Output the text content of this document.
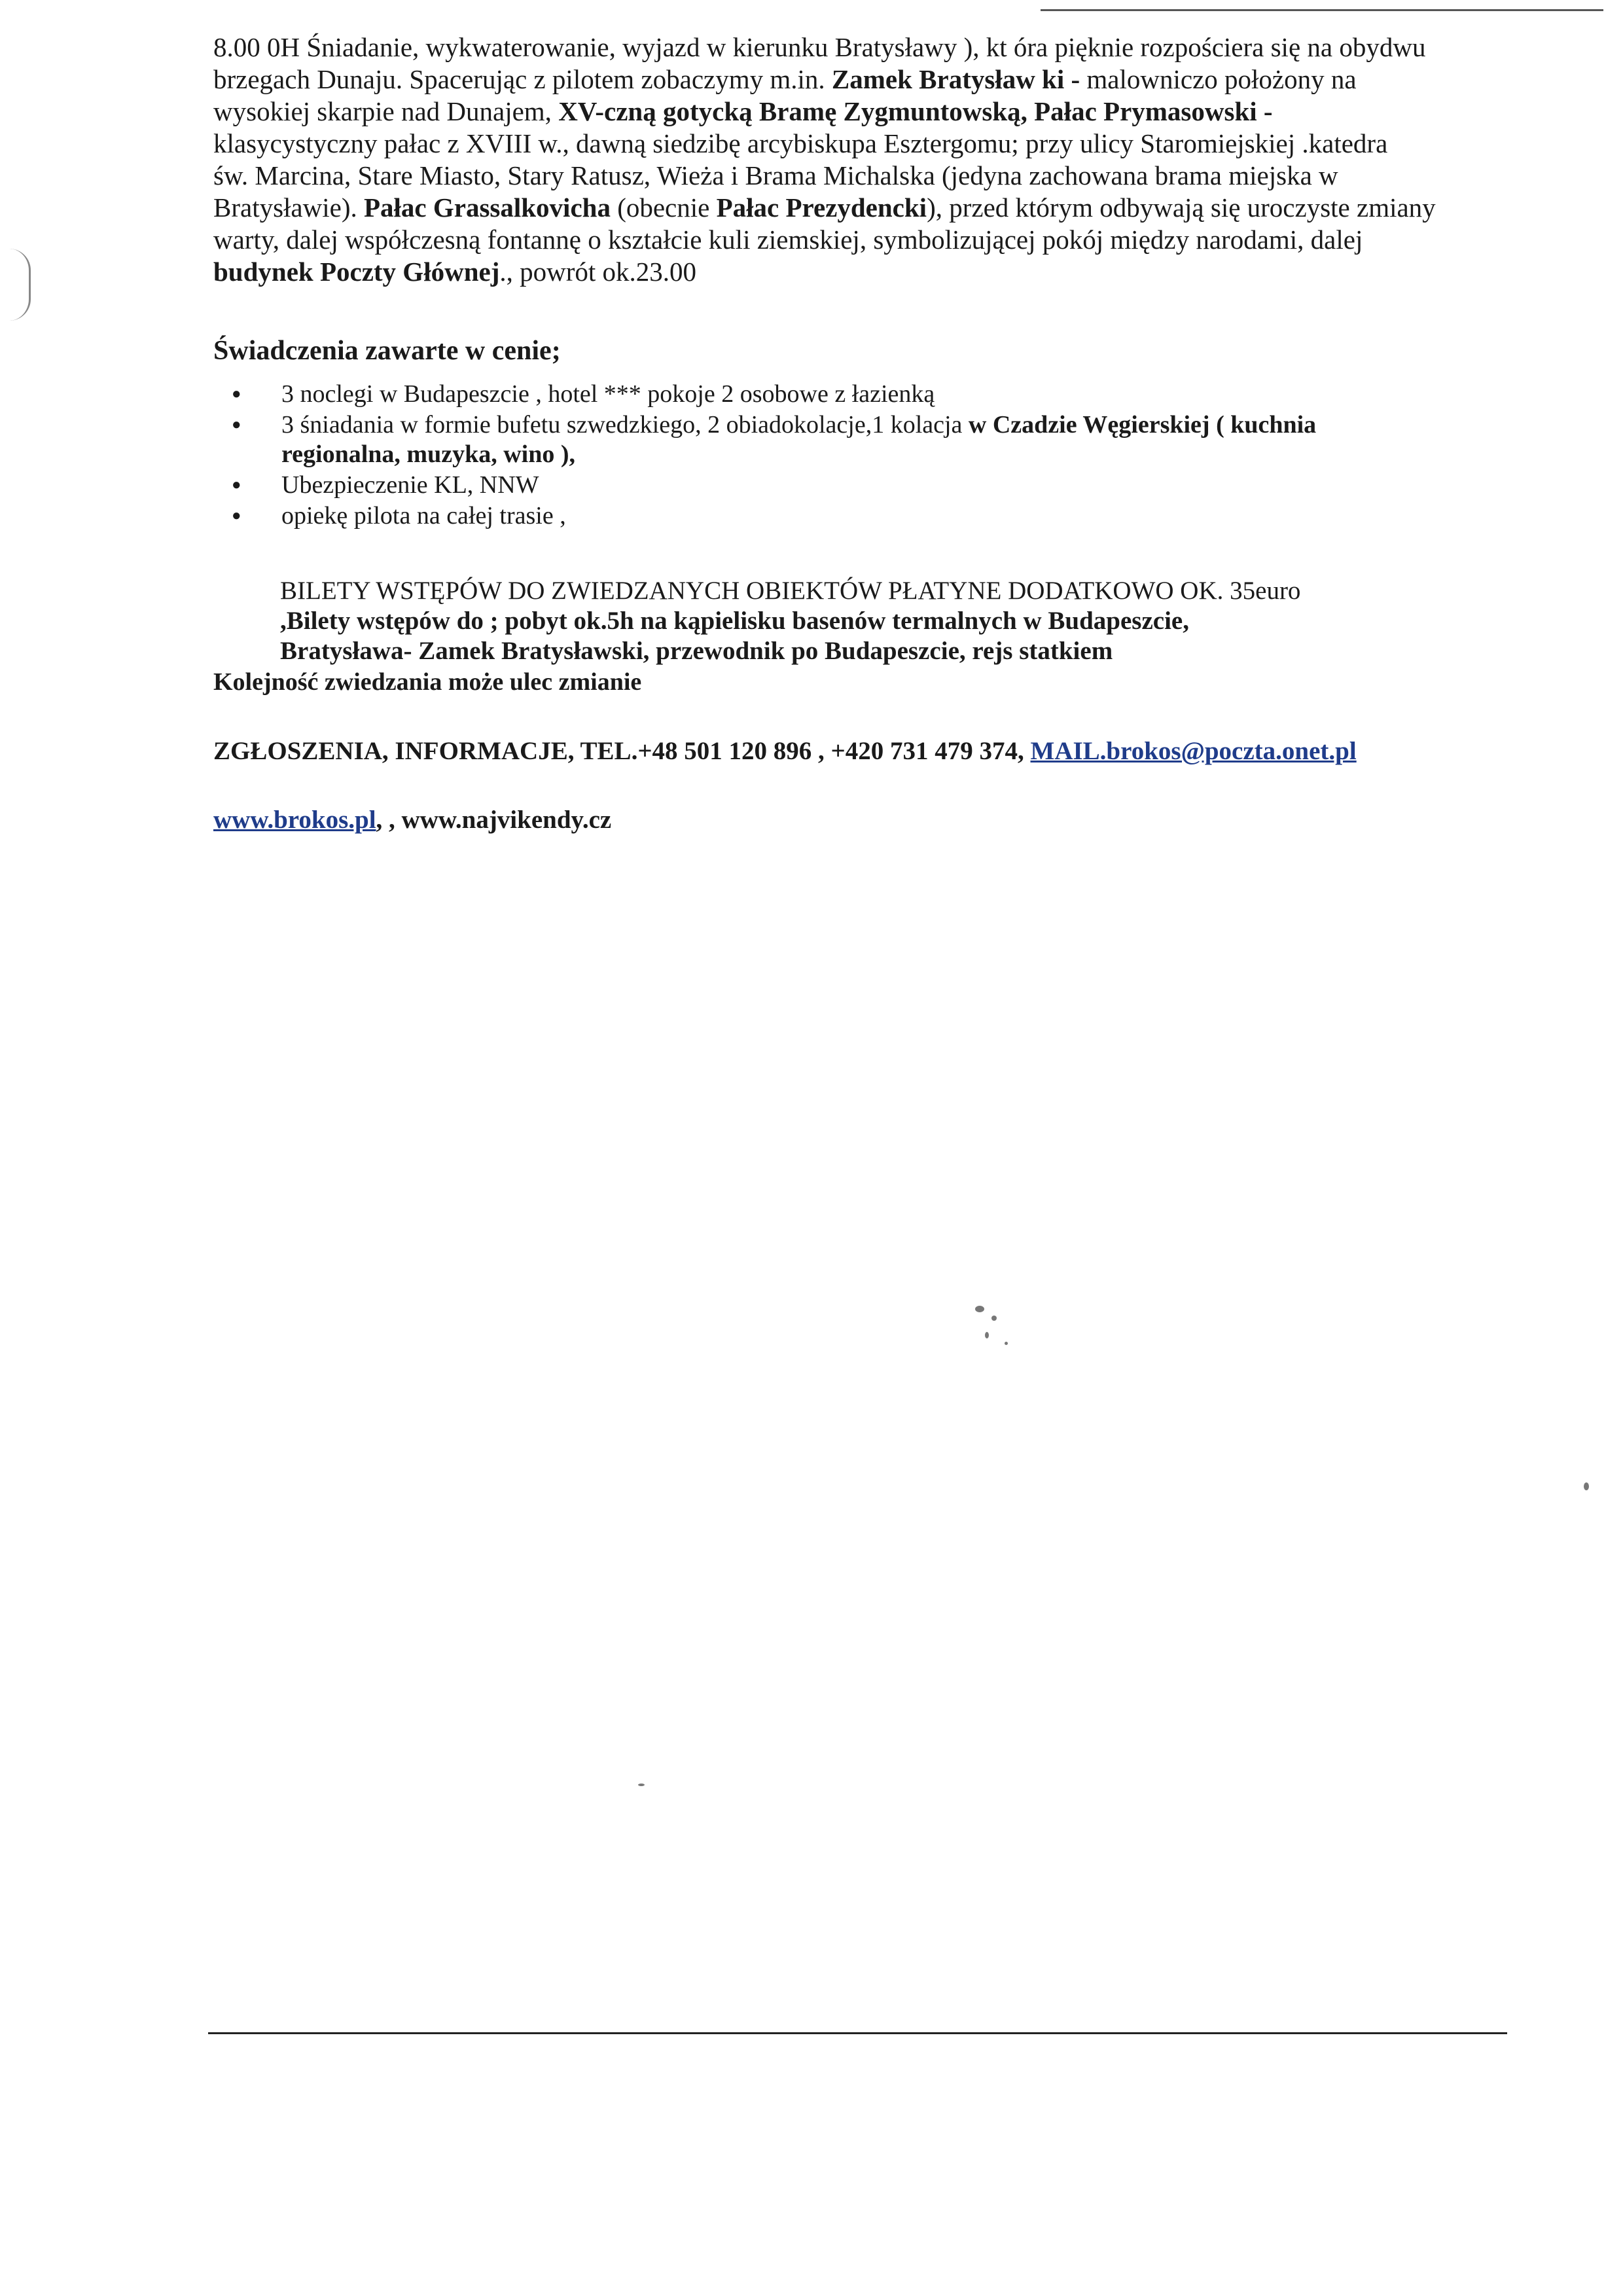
8.00 0H Śniadanie, wykwaterowanie, wyjazd w kierunku Bratysławy ), kt óra pięknie rozpościera się na obydwu
brzegach Dunaju. Spacerując z pilotem zobaczymy m.in. Zamek Bratysław ki - malowniczo położony na
wysokiej skarpie nad Dunajem, XV-czną gotycką Bramę Zygmuntowską, Pałac Prymasowski -
klasycystyczny pałac z XVIII w., dawną siedzibę arcybiskupa Esztergomu; przy ulicy Staromiejskiej .katedra
św. Marcina, Stare Miasto, Stary Ratusz, Wieża i Brama Michalska (jedyna zachowana brama miejska w
Bratysławie). Pałac Grassalkovicha (obecnie Pałac Prezydencki), przed którym odbywają się uroczyste zmiany
warty, dalej współczesną fontannę o kształcie kuli ziemskiej, symbolizującej pokój między narodami, dalej
budynek Poczty Głównej., powrót ok.23.00
Świadczenia zawarte w cenie;
● 3 noclegi w Budapeszcie , hotel *** pokoje 2 osobowe z łazienką
● 3 śniadania w formie bufetu szwedzkiego, 2 obiadokolacje,1 kolacja w Czadzie Węgierskiej ( kuchnia
regionalna, muzyka, wino ),
● Ubezpieczenie KL, NNW
● opiekę pilota na całej trasie ,
BILETY WSTĘPÓW DO ZWIEDZANYCH OBIEKTÓW PŁATYNE DODATKOWO OK. 35euro
,Bilety wstępów do ; pobyt ok.5h na kąpielisku basenów termalnych w Budapeszcie,
Bratysława- Zamek Bratysławski, przewodnik po Budapeszcie, rejs statkiem
Kolejność zwiedzania może ulec zmianie
ZGŁOSZENIA, INFORMACJE, TEL.+48 501 120 896 , +420 731 479 374, MAIL.brokos@poczta.onet.pl
www.brokos.pl, , www.najvikendy.cz
